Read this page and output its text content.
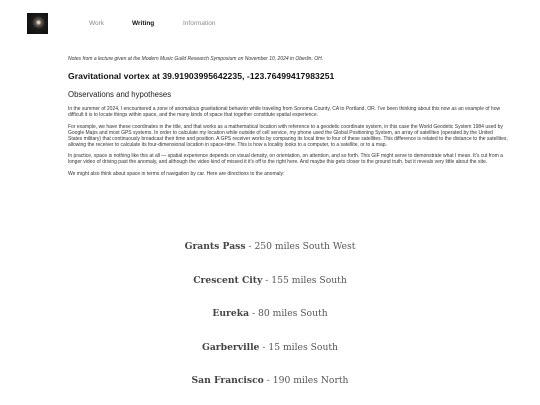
Work	Writing	Information

Notes from a lecture given at the Modern Music Guild Research Symposium on November 10, 2024 in Oberlin, OH.

Gravitational vortex at 39.91903995642235, -123.76499417983251
Observations and hypotheses

In the summer of 2024, I encountered a zone of anomalous gravitational behavior while traveling from Sonoma County, CA to Portland, OR. I’ve been thinking about this now as an example of how difficult it is to locate things within space, and the many kinds of space that together constitute spatial experience.

For example, we have these coordinates in the title, and that works as a mathematical location with reference to a geodetic coordinate system, in this case the World Geodetic System 1984 used by Google Maps and most GPS systems. In order to calculate my location while outside of cell service, my phone used the Global Positioning System, an array of satellites (operated by the United States military) that continuously broadcast their time and position. A GPS receiver works by comparing its local time to four of these satellites. This difference is related to the distance to the satellites, allowing the receiver to calculate its four-dimensional location in space-time. This is how a locality looks to a computer, to a satellite, or to a map.

In practice, space is nothing like this at all — spatial experience depends on visual density, on orientation, on attention, and so forth. This GIF might serve to demonstrate what I mean. It’s cut from a longer video of driving past the anomaly, and although the video kind of missed it it’s off to the right here. And maybe this gets closer to the ground truth, but it reveals very little about the site.

We might also think about space in terms of navigation by car. Here are directions to the anomaly:

Grants Pass - 250 miles South West
Crescent City - 155 miles South
Eureka - 80 miles South
Garberville - 15 miles South
San Francisco - 190 miles North
